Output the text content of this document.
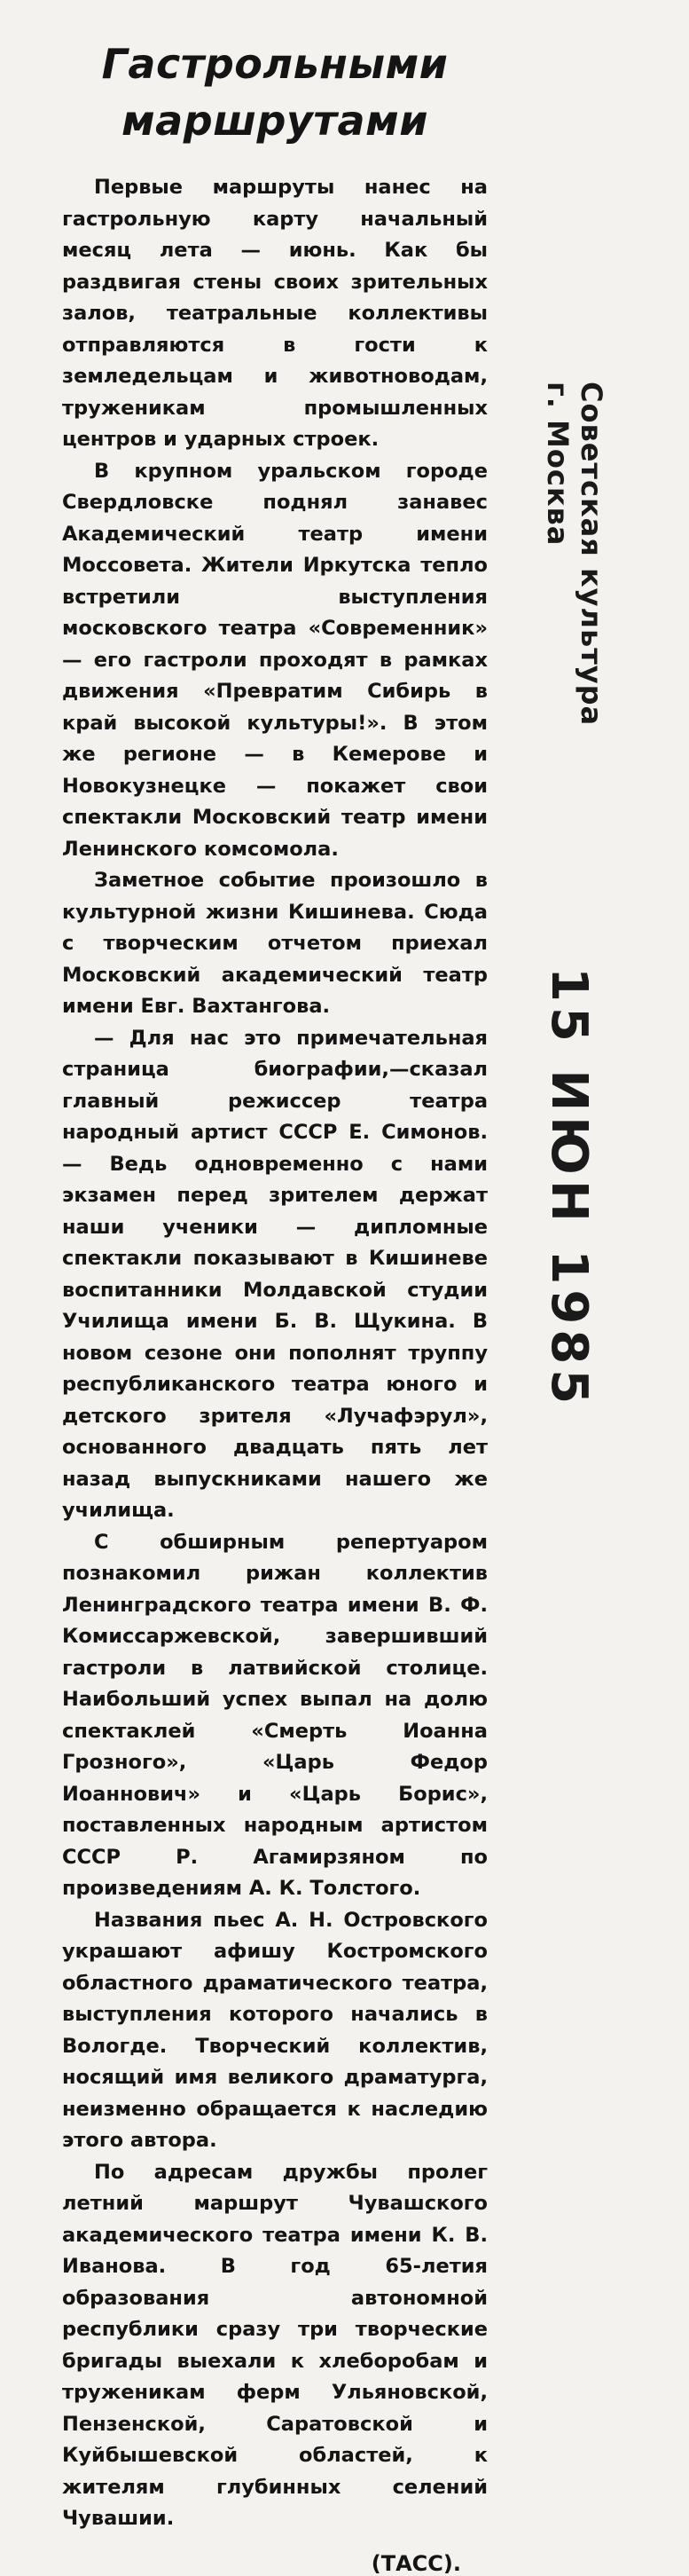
Гастрольными
маршрутами

Первые маршруты нанес на гастрольную карту начальный месяц лета — июнь. Как бы раздвигая стены своих зрительных залов, театральные коллективы отправляются в гости к земледельцам и животноводам, труженикам промышленных центров и ударных строек.

В крупном уральском городе Свердловске поднял занавес Академический театр имени Моссовета. Жители Иркутска тепло встретили выступления московского театра «Современник» — его гастроли проходят в рамках движения «Превратим Сибирь в край высокой культуры!». В этом же регионе — в Кемерове и Новокузнецке — покажет свои спектакли Московский театр имени Ленинского комсомола.

Заметное событие произошло в культурной жизни Кишинева. Сюда с творческим отчетом приехал Московский академический театр имени Евг. Вахтангова.

— Для нас это примечательная страница биографии,—сказал главный режиссер театра народный артист СССР Е. Симонов.— Ведь одновременно с нами экзамен перед зрителем держат наши ученики — дипломные спектакли показывают в Кишиневе воспитанники Молдавской студии Училища имени Б. В. Щукина. В новом сезоне они пополнят труппу республиканского театра юного и детского зрителя «Лучафэрул», основанного двадцать пять лет назад выпускниками нашего же училища.

С обширным репертуаром познакомил рижан коллектив Ленинградского театра имени В. Ф. Комиссаржевской, завершивший гастроли в латвийской столице. Наибольший успех выпал на долю спектаклей «Смерть Иоанна Грозного», «Царь Федор Иоаннович» и «Царь Борис», поставленных народным артистом СССР Р. Агамирзяном по произведениям А. К. Толстого.

Названия пьес А. Н. Островского украшают афишу Костромского областного драматического театра, выступления которого начались в Вологде. Творческий коллектив, носящий имя великого драматурга, неизменно обращается к наследию этого автора.

По адресам дружбы пролег летний маршрут Чувашского академического театра имени К. В. Иванова. В год 65-летия образования автономной республики сразу три творческие бригады выехали к хлеборобам и труженикам ферм Ульяновской, Пензенской, Саратовской и Куйбышевской областей, к жителям глубинных селений Чувашии.

(ТАСС).
Советская культура
г. Москва
15 ИЮН 1985
